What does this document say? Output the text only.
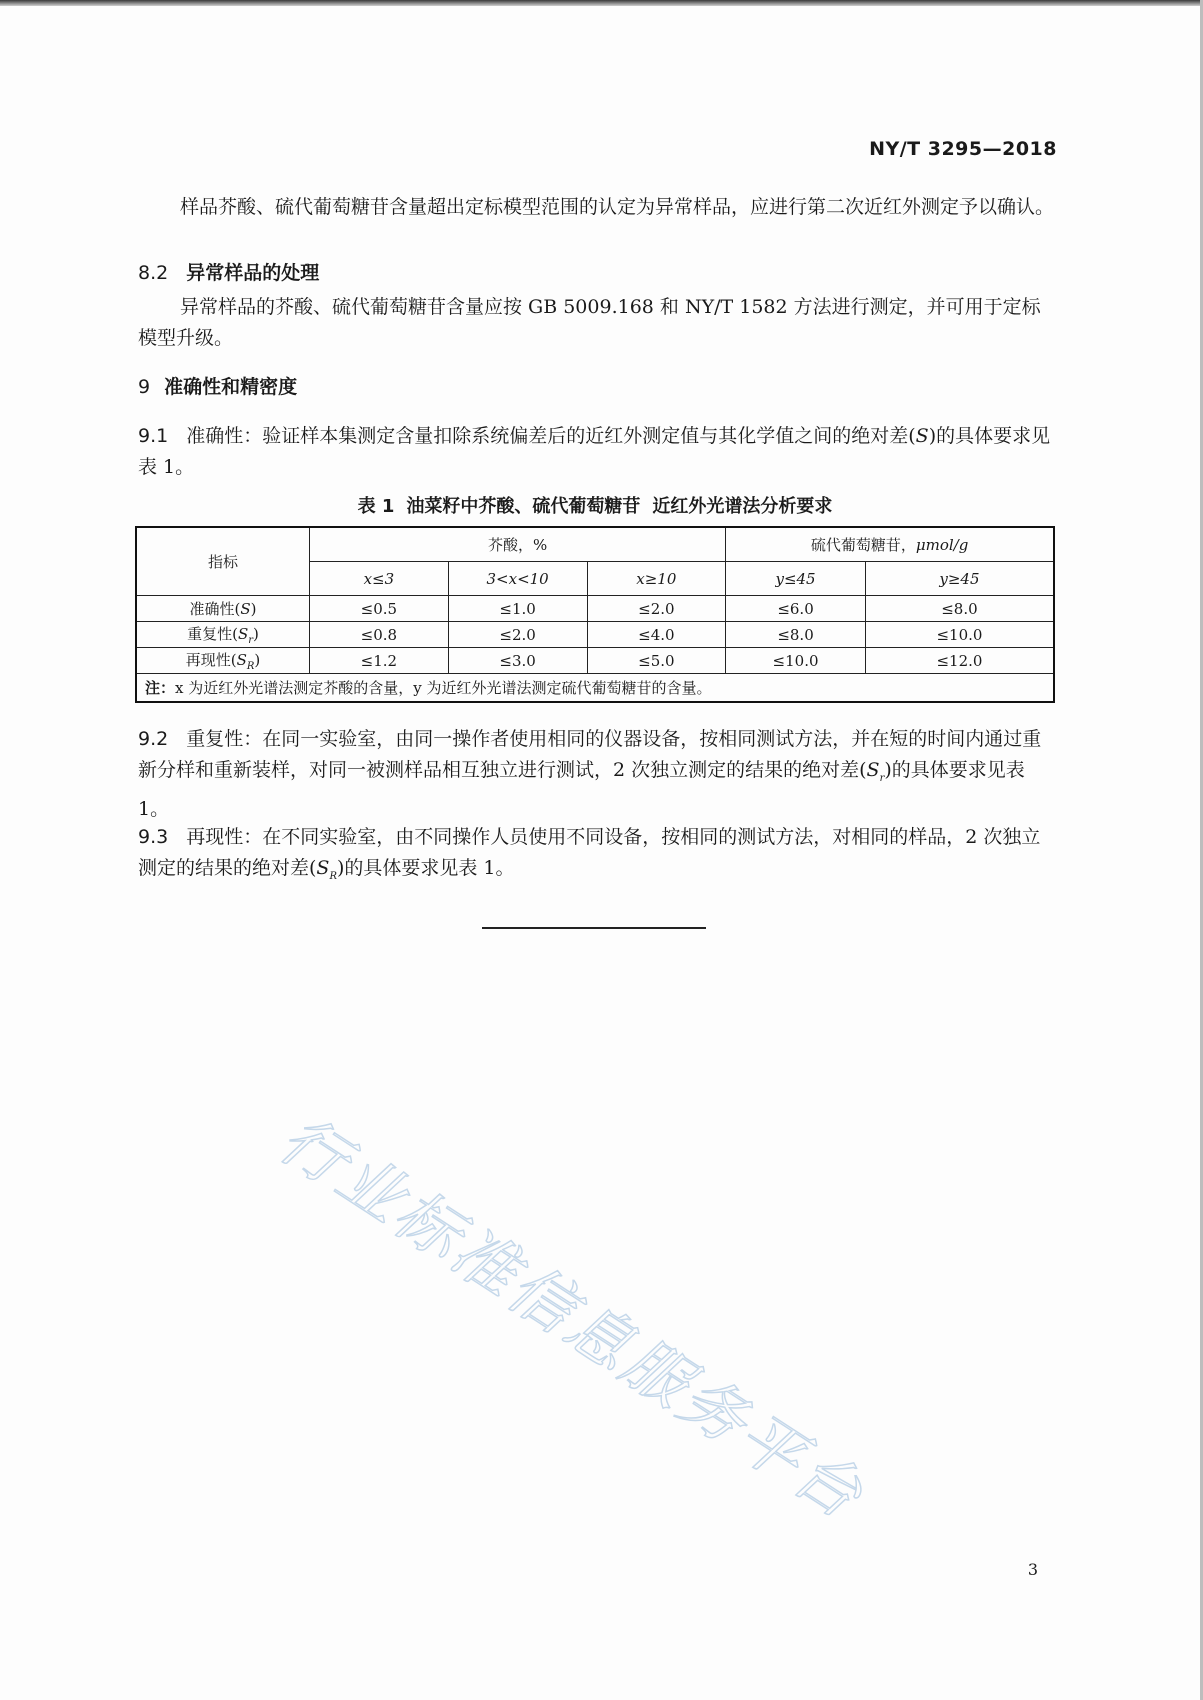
NY/T 3295—2018

样品芥酸、硫代葡萄糖苷含量超出定标模型范围的认定为异常样品，应进行第二次近红外测定予以确认。

8.2 异常样品的处理

异常样品的芥酸、硫代葡萄糖苷含量应按 GB 5009.168 和 NY/T 1582 方法进行测定，并可用于定标模型升级。

9 准确性和精密度

9.1 准确性：验证样本集测定含量扣除系统偏差后的近红外测定值与其化学值之间的绝对差(S)的具体要求见表 1。

表 1 油菜籽中芥酸、硫代葡萄糖苷 近红外光谱法分析要求
指标	芥酸，%			硫代葡萄糖苷，μmol/g	
	x≤3	3<x<10	x≥10	y≤45	y≥45
准确性(S)	≤0.5	≤1.0	≤2.0	≤6.0	≤8.0
重复性$(S_r)$	≤0.8	≤2.0	≤4.0	≤8.0	≤10.0
再现性$(S_R)$	≤1.2	≤3.0	≤5.0	≤10.0	≤12.0
注：x 为近红外光谱法测定芥酸的含量，y 为近红外光谱法测定硫代葡萄糖苷的含量。					

9.2 重复性：在同一实验室，由同一操作者使用相同的仪器设备，按相同测试方法，并在短的时间内通过重新分样和重新装样，对同一被测样品相互独立进行测试，2 次独立测定的结果的绝对差$(S_r)$的具体要求见表 1。

9.3 再现性：在不同实验室，由不同操作人员使用不同设备，按相同的测试方法，对相同的样品，2 次独立测定的结果的绝对差$(S_R)$的具体要求见表 1。

行业标准信息服务平台
3
